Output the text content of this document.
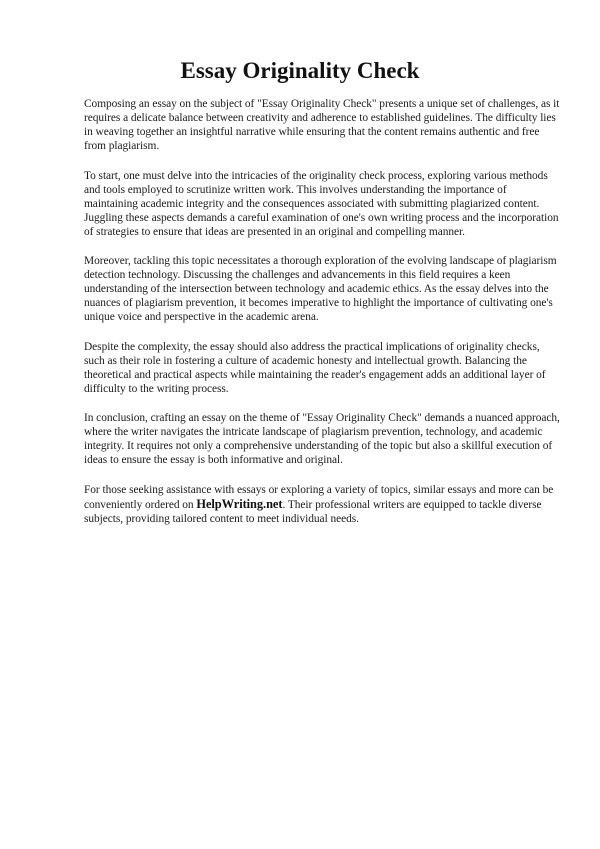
Essay Originality Check

Composing an essay on the subject of "Essay Originality Check" presents a unique set of challenges, as it requires a delicate balance between creativity and adherence to established guidelines. The difficulty lies in weaving together an insightful narrative while ensuring that the content remains authentic and free from plagiarism.

To start, one must delve into the intricacies of the originality check process, exploring various methods and tools employed to scrutinize written work. This involves understanding the importance of maintaining academic integrity and the consequences associated with submitting plagiarized content. Juggling these aspects demands a careful examination of one's own writing process and the incorporation of strategies to ensure that ideas are presented in an original and compelling manner.

Moreover, tackling this topic necessitates a thorough exploration of the evolving landscape of plagiarism detection technology. Discussing the challenges and advancements in this field requires a keen understanding of the intersection between technology and academic ethics. As the essay delves into the nuances of plagiarism prevention, it becomes imperative to highlight the importance of cultivating one's unique voice and perspective in the academic arena.

Despite the complexity, the essay should also address the practical implications of originality checks, such as their role in fostering a culture of academic honesty and intellectual growth. Balancing the theoretical and practical aspects while maintaining the reader's engagement adds an additional layer of difficulty to the writing process.

In conclusion, crafting an essay on the theme of "Essay Originality Check" demands a nuanced approach, where the writer navigates the intricate landscape of plagiarism prevention, technology, and academic integrity. It requires not only a comprehensive understanding of the topic but also a skillful execution of ideas to ensure the essay is both informative and original.

For those seeking assistance with essays or exploring a variety of topics, similar essays and more can be conveniently ordered on HelpWriting.net. Their professional writers are equipped to tackle diverse subjects, providing tailored content to meet individual needs.
